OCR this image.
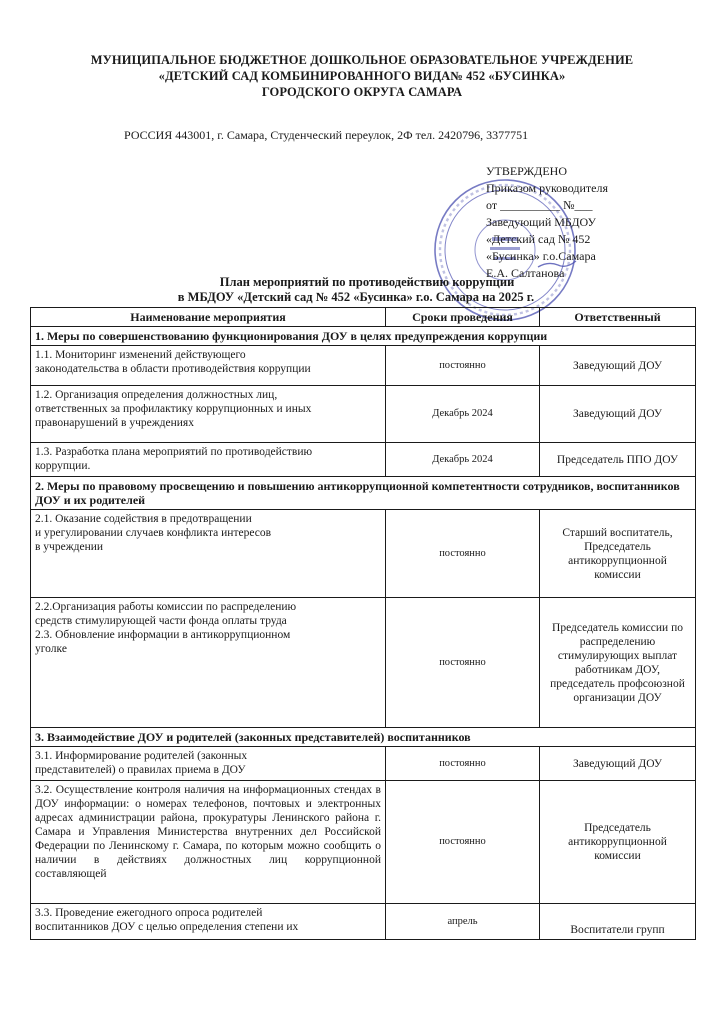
МУНИЦИПАЛЬНОЕ БЮДЖЕТНОЕ ДОШКОЛЬНОЕ ОБРАЗОВАТЕЛЬНОЕ УЧРЕЖДЕНИЕ
«ДЕТСКИЙ САД КОМБИНИРОВАННОГО ВИДА№ 452 «БУСИНКА»
ГОРОДСКОГО ОКРУГА САМАРА
РОССИЯ 443001, г. Самара, Студенческий переулок, 2Ф тел. 2420796, 3377751
УТВЕРЖДЕНО
Приказом руководителя
от __________ №___
Заведующий МБДОУ
«Детский сад № 452
«Бусинка» г.о.Самара
Е.А. Салтанова
План мероприятий по противодействию коррупции
в МБДОУ «Детский сад № 452 «Бусинка» г.о. Самара на 2025 г.
Наименование мероприятия	Сроки проведения	Ответственный
1. Меры по совершенствованию функционирования ДОУ в целях предупреждения коррупции		
1.1. Мониторинг изменений действующего
законодательства в области противодействия коррупции	постоянно	Заведующий ДОУ
1.2. Организация определения должностных лиц,
ответственных за профилактику коррупционных и иных
правонарушений в учреждениях	Декабрь 2024	Заведующий ДОУ
1.3. Разработка плана мероприятий по противодействию
коррупции.	Декабрь 2024	Председатель ППО ДОУ
2. Меры по правовому просвещению и повышению антикоррупционной компетентности сотрудников, воспитанников ДОУ и их родителей		
2.1. Оказание содействия в предотвращении
и урегулировании случаев конфликта интересов
в учреждении	постоянно	Старший воспитатель, Председатель антикоррупционной комиссии
2.2.Организация работы комиссии по распределению
средств стимулирующей части фонда оплаты труда
2.3. Обновление информации в антикоррупционном
уголке	постоянно	Председатель комиссии по распределению стимулирующих выплат работникам ДОУ, председатель профсоюзной организации ДОУ
3. Взаимодействие ДОУ и родителей (законных представителей) воспитанников		
3.1. Информирование родителей (законных
представителей) о правилах приема в ДОУ	постоянно	Заведующий ДОУ
3.2. Осуществление контроля наличия на информационных стендах в ДОУ информации: о номерах телефонов, почтовых и электронных адресах администрации района, прокуратуры Ленинского района г. Самара и Управления Министерства внутренних дел Российской Федерации по Ленинскому г. Самара, по которым можно сообщить о наличии в действиях должностных лиц коррупционной составляющей	постоянно	Председатель антикоррупционной комиссии
3.3. Проведение ежегодного опроса родителей
воспитанников ДОУ с целью определения степени их	апрель	Воспитатели групп
